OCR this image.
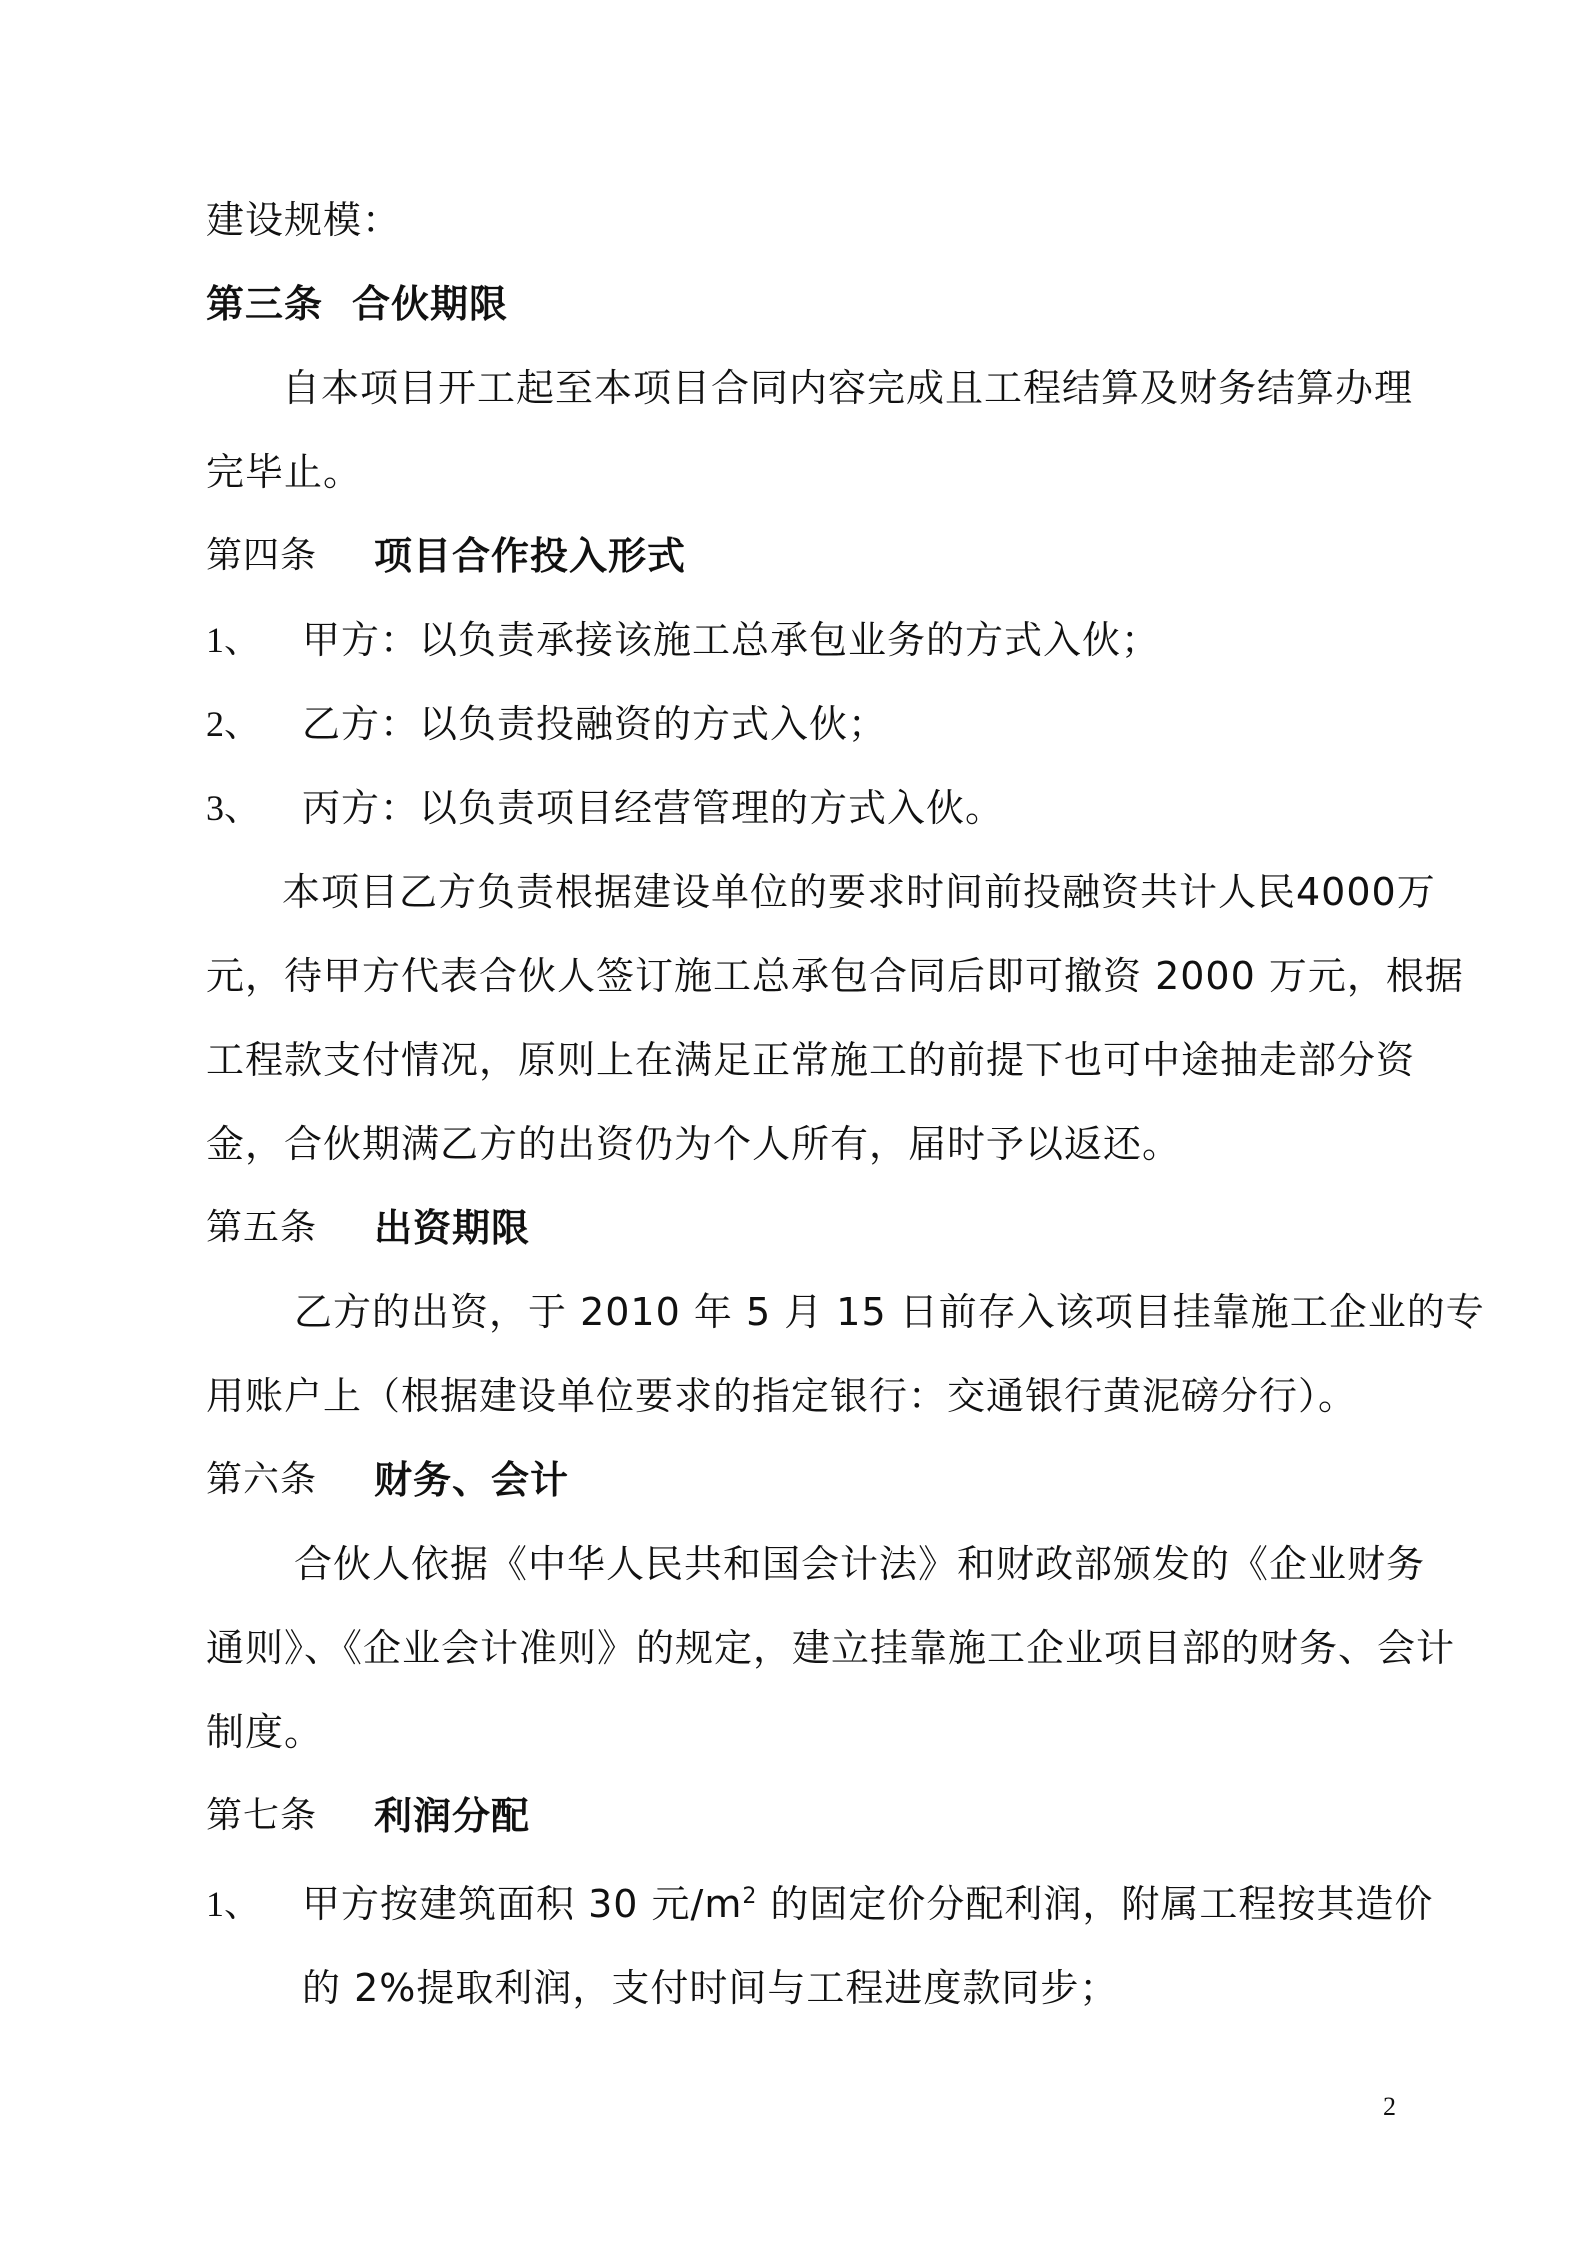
建设规模：
第三条 合伙期限
自本项目开工起至本项目合同内容完成且工程结算及财务结算办理
完毕止。
第四条 项目合作投入形式
1、 甲方：以负责承接该施工总承包业务的方式入伙；
2、 乙方：以负责投融资的方式入伙；
3、 丙方：以负责项目经营管理的方式入伙。
本项目乙方负责根据建设单位的要求时间前投融资共计人民4000万
元，待甲方代表合伙人签订施工总承包合同后即可撤资 2000 万元，根据
工程款支付情况，原则上在满足正常施工的前提下也可中途抽走部分资
金，合伙期满乙方的出资仍为个人所有，届时予以返还。
第五条 出资期限
乙方的出资，于 2010 年 5 月 15 日前存入该项目挂靠施工企业的专
用账户上（根据建设单位要求的指定银行：交通银行黄泥磅分行）。
第六条 财务、会计
合伙人依据《中华人民共和国会计法》和财政部颁发的《企业财务
通则》、《企业会计准则》的规定，建立挂靠施工企业项目部的财务、会计
制度。
第七条 利润分配
1、 甲方按建筑面积 30 元$/m^2$ 的固定价分配利润，附属工程按其造价
的 2%提取利润，支付时间与工程进度款同步；
2
